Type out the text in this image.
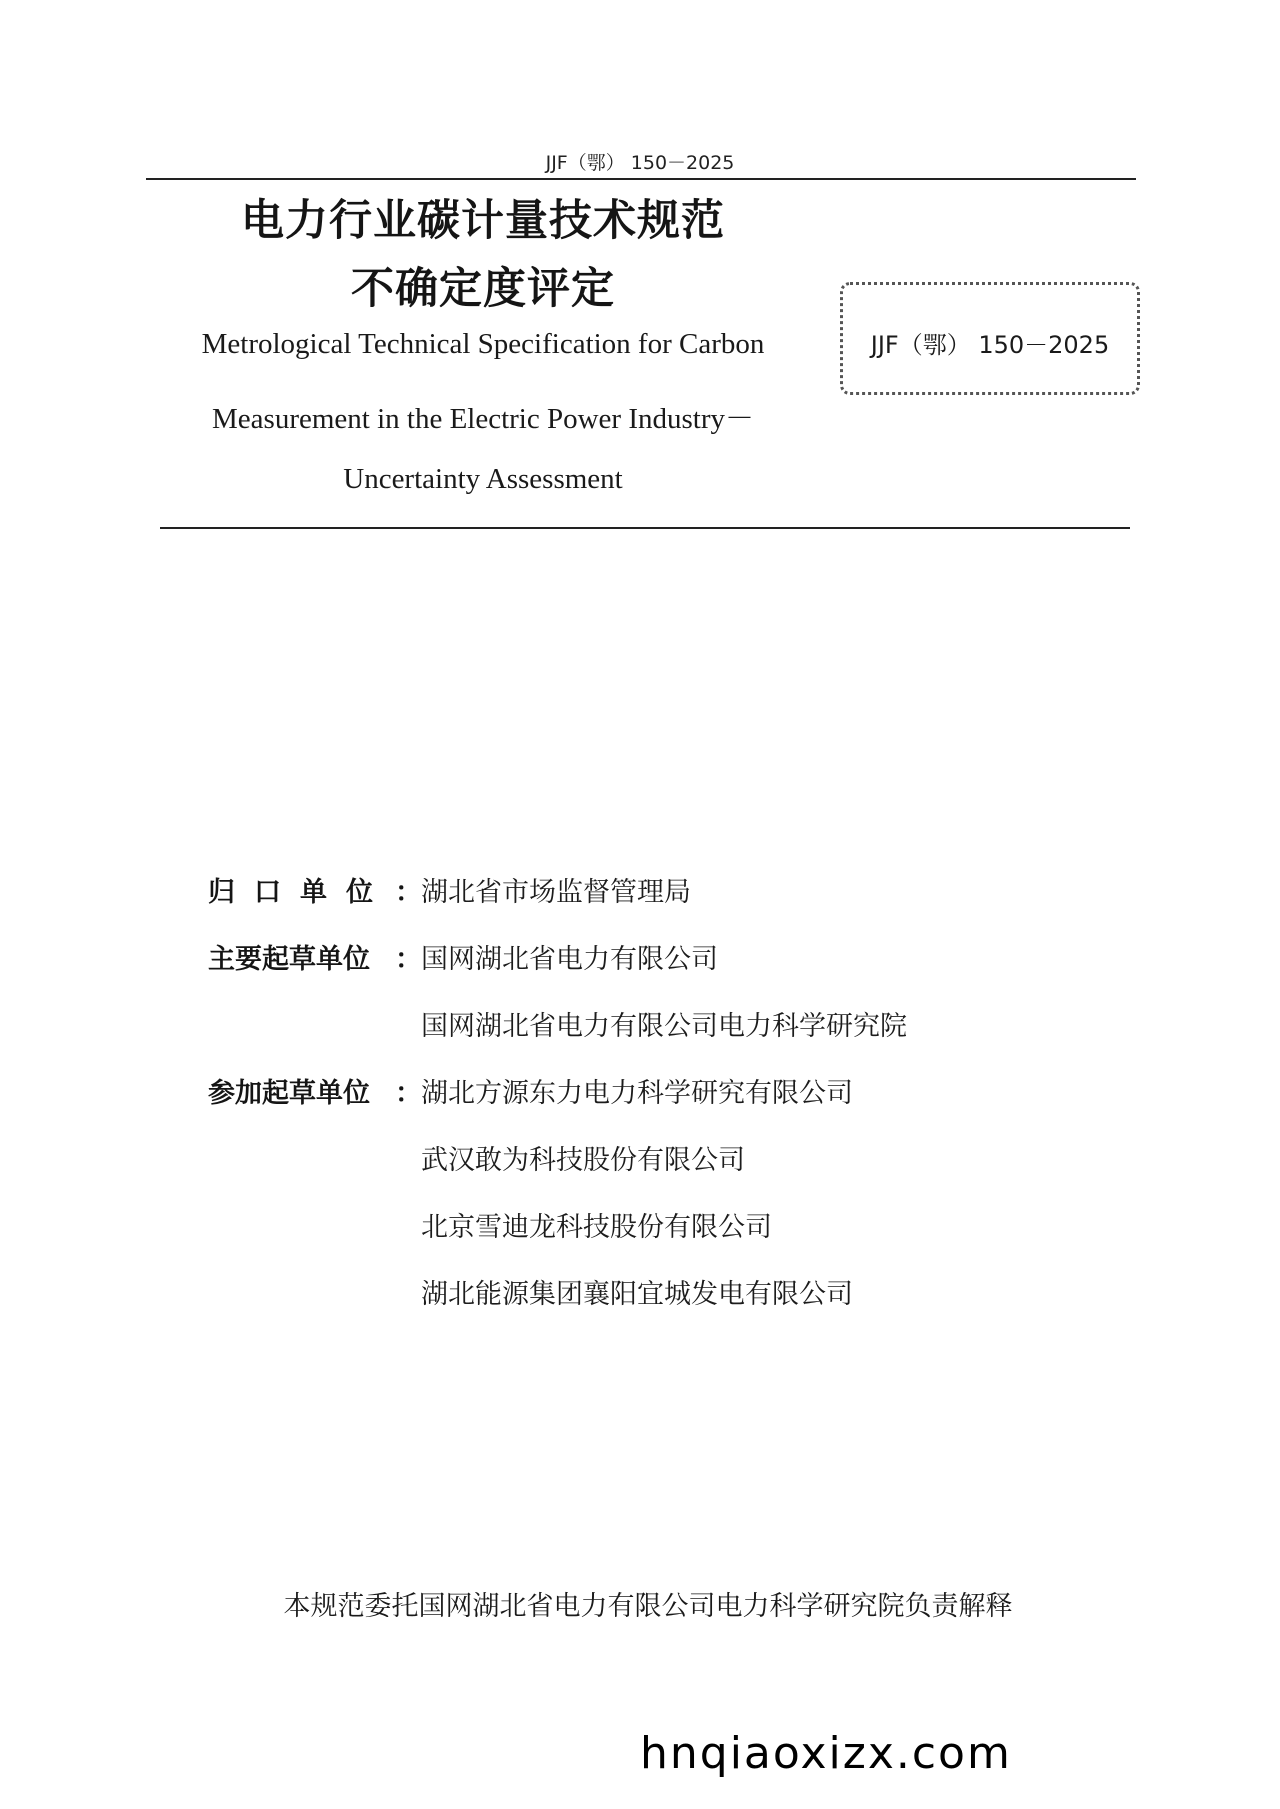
JJF（鄂） 150－2025
电力行业碳计量技术规范
不确定度评定
Metrological Technical Specification for Carbon
Measurement in the Electric Power Industry－
Uncertainty Assessment
JJF（鄂） 150－2025
归口单位 ： 湖北省市场监督管理局
主要起草单位 ： 国网湖北省电力有限公司
国网湖北省电力有限公司电力科学研究院
参加起草单位 ： 湖北方源东力电力科学研究有限公司
武汉敢为科技股份有限公司
北京雪迪龙科技股份有限公司
湖北能源集团襄阳宜城发电有限公司
本规范委托国网湖北省电力有限公司电力科学研究院负责解释
hnqiaoxizx.com
